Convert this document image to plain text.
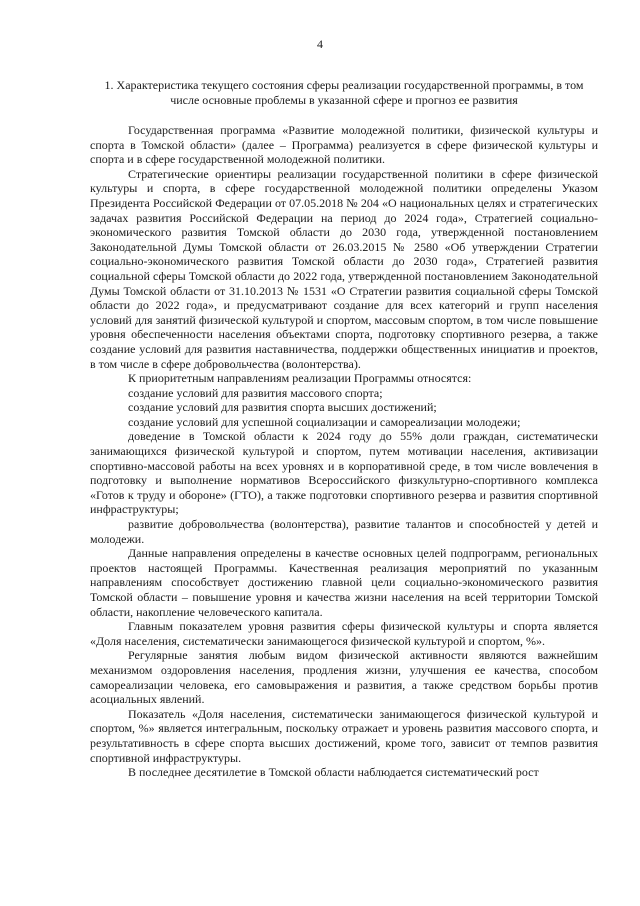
4
1. Характеристика текущего состояния сферы реализации государственной программы, в том числе основные проблемы в указанной сфере и прогноз ее развития

Государственная программа «Развитие молодежной политики, физической культуры и спорта в Томской области» (далее – Программа) реализуется в сфере физической культуры и спорта и в сфере государственной молодежной политики.

Стратегические ориентиры реализации государственной политики в сфере физической культуры и спорта, в сфере государственной молодежной политики определены Указом Президента Российской Федерации от 07.05.2018 № 204 «О национальных целях и стратегических задачах развития Российской Федерации на период до 2024 года», Стратегией социально-экономического развития Томской области до 2030 года, утвержденной постановлением Законодательной Думы Томской области от 26.03.2015 № 2580 «Об утверждении Стратегии социально-экономического развития Томской области до 2030 года», Стратегией развития социальной сферы Томской области до 2022 года, утвержденной постановлением Законодательной Думы Томской области от 31.10.2013 № 1531 «О Стратегии развития социальной сферы Томской области до 2022 года», и предусматривают создание для всех категорий и групп населения условий для занятий физической культурой и спортом, массовым спортом, в том числе повышение уровня обеспеченности населения объектами спорта, подготовку спортивного резерва, а также создание условий для развития наставничества, поддержки общественных инициатив и проектов, в том числе в сфере добровольчества (волонтерства).

К приоритетным направлениям реализации Программы относятся:

создание условий для развития массового спорта;

создание условий для развития спорта высших достижений;

создание условий для успешной социализации и самореализации молодежи;

доведение в Томской области к 2024 году до 55% доли граждан, систематически занимающихся физической культурой и спортом, путем мотивации населения, активизации спортивно-массовой работы на всех уровнях и в корпоративной среде, в том числе вовлечения в подготовку и выполнение нормативов Всероссийского физкультурно-спортивного комплекса «Готов к труду и обороне» (ГТО), а также подготовки спортивного резерва и развития спортивной инфраструктуры;

развитие добровольчества (волонтерства), развитие талантов и способностей у детей и молодежи.

Данные направления определены в качестве основных целей подпрограмм, региональных проектов настоящей Программы. Качественная реализация мероприятий по указанным направлениям способствует достижению главной цели социально-экономического развития Томской области – повышение уровня и качества жизни населения на всей территории Томской области, накопление человеческого капитала.

Главным показателем уровня развития сферы физической культуры и спорта является «Доля населения, систематически занимающегося физической культурой и спортом, %».

Регулярные занятия любым видом физической активности являются важнейшим механизмом оздоровления населения, продления жизни, улучшения ее качества, способом самореализации человека, его самовыражения и развития, а также средством борьбы против асоциальных явлений.

Показатель «Доля населения, систематически занимающегося физической культурой и спортом, %» является интегральным, поскольку отражает и уровень развития массового спорта, и результативность в сфере спорта высших достижений, кроме того, зависит от темпов развития спортивной инфраструктуры.

В последнее десятилетие в Томской области наблюдается систематический рост
